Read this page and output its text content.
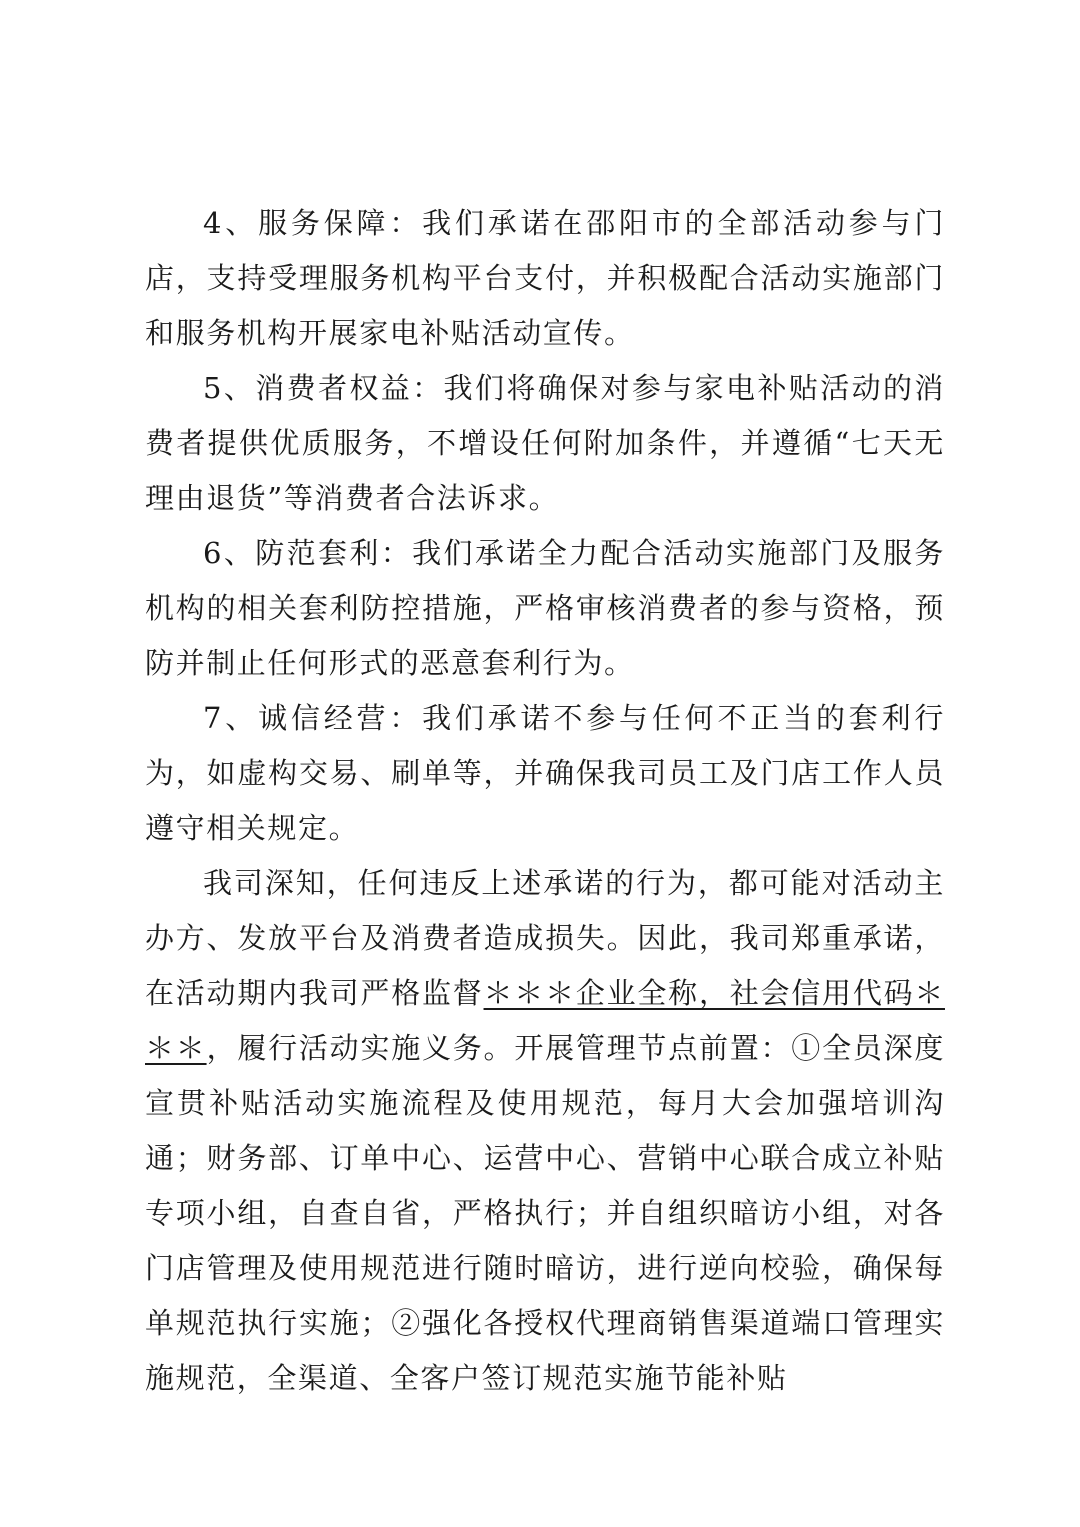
4、服务保障：我们承诺在邵阳市的全部活动参与门店，支持受理服务机构平台支付，并积极配合活动实施部门和服务机构开展家电补贴活动宣传。

5、消费者权益：我们将确保对参与家电补贴活动的消费者提供优质服务，不增设任何附加条件，并遵循“七天无理由退货”等消费者合法诉求。

6、防范套利：我们承诺全力配合活动实施部门及服务机构的相关套利防控措施，严格审核消费者的参与资格，预防并制止任何形式的恶意套利行为。

7、诚信经营：我们承诺不参与任何不正当的套利行为，如虚构交易、刷单等，并确保我司员工及门店工作人员遵守相关规定。

我司深知，任何违反上述承诺的行为，都可能对活动主办方、发放平台及消费者造成损失。因此，我司郑重承诺，在活动期内我司严格监督＊＊＊企业全称，社会信用代码＊＊＊，履行活动实施义务。开展管理节点前置：①全员深度宣贯补贴活动实施流程及使用规范，每月大会加强培训沟通；财务部、订单中心、运营中心、营销中心联合成立补贴专项小组，自查自省，严格执行；并自组织暗访小组，对各门店管理及使用规范进行随时暗访，进行逆向校验，确保每单规范执行实施；②强化各授权代理商销售渠道端口管理实施规范，全渠道、全客户签订规范实施节能补贴
